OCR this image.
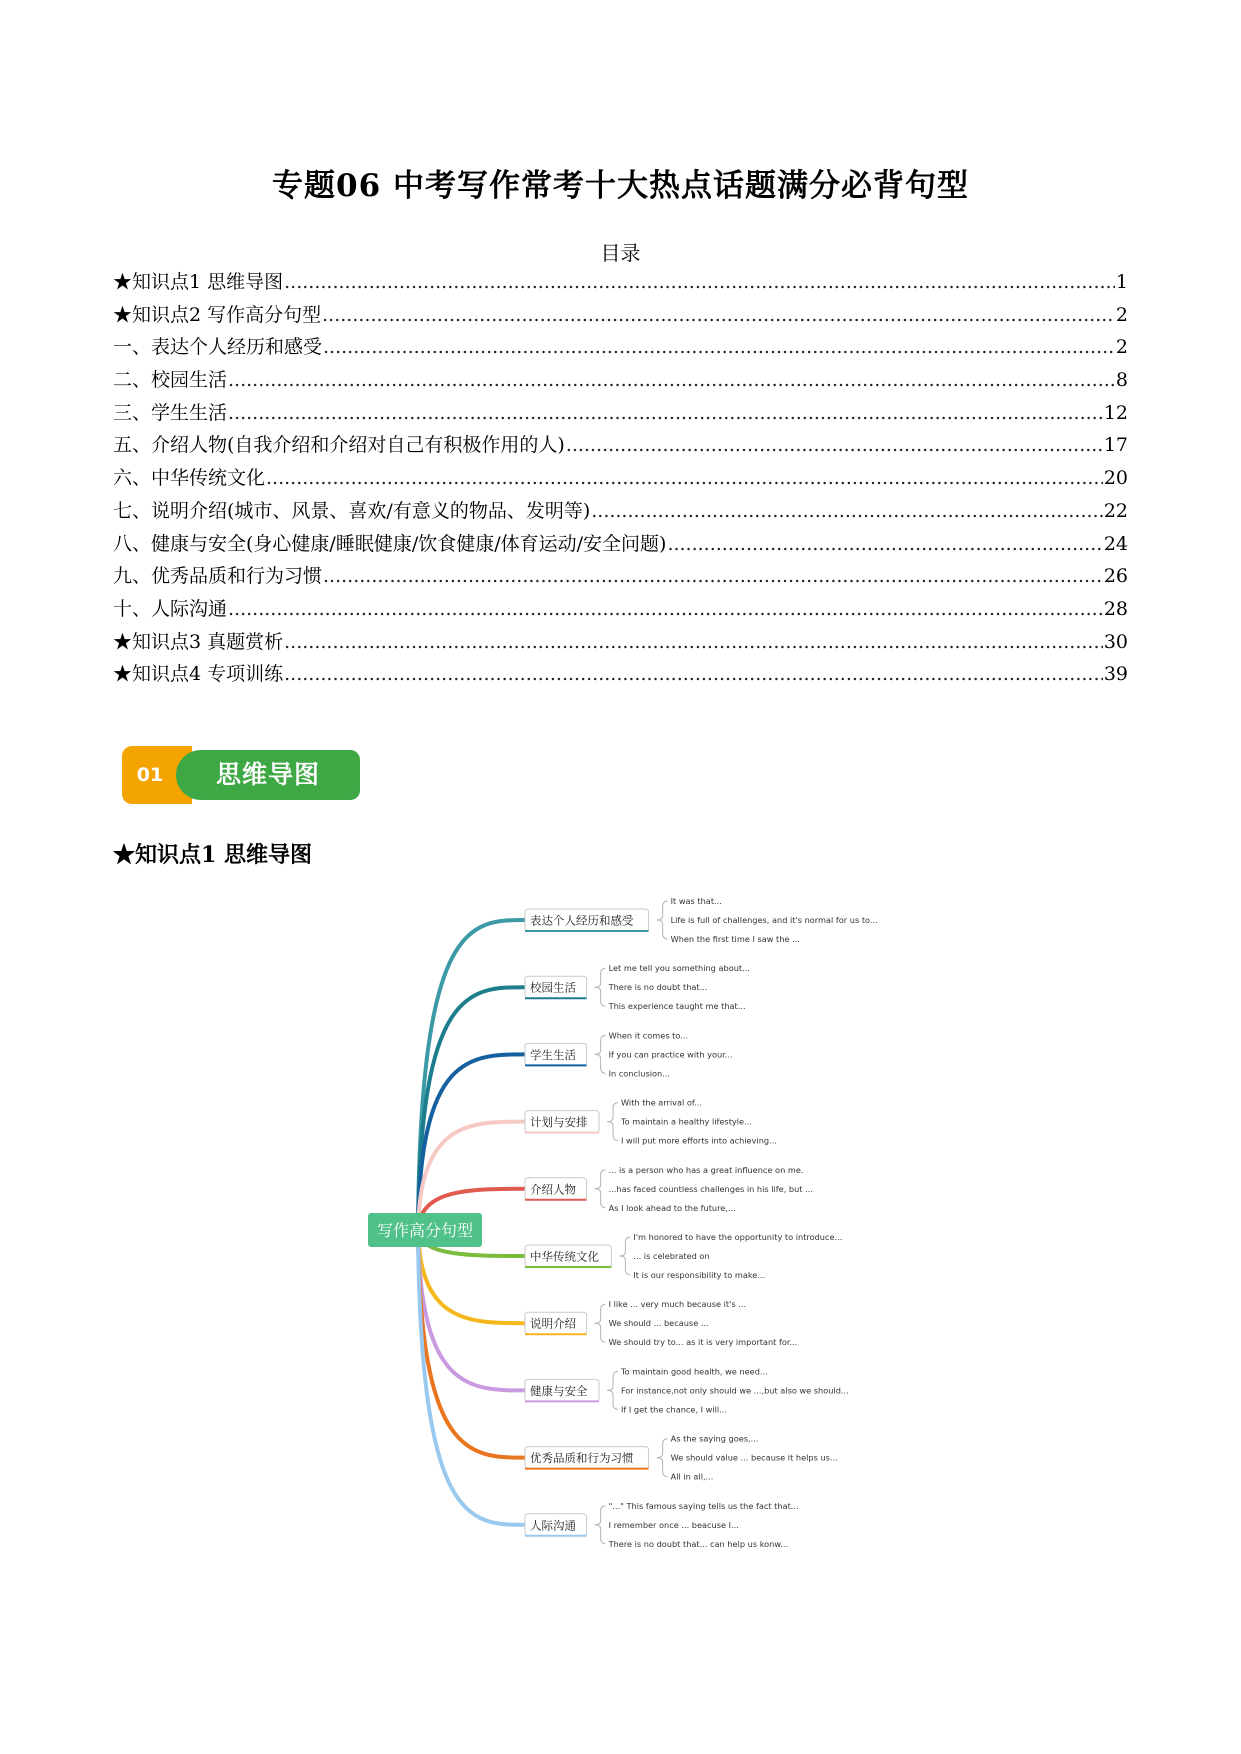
专题06 中考写作常考十大热点话题满分必背句型
目录
★知识点1 思维导图 .....	1
★知识点2 写作高分句型 .....	2
一、表达个人经历和感受 .....	2
二、校园生活 .....	8
三、学生生活 .....	12
五、介绍人物(自我介绍和介绍对自己有积极作用的人) .....	17
六、中华传统文化 .....	20
七、说明介绍(城市、风景、喜欢/有意义的物品、发明等) .....	22
八、健康与安全(身心健康/睡眠健康/饮食健康/体育运动/安全问题) .....	24
九、优秀品质和行为习惯 .....	26
十、人际沟通 .....	28
★知识点3 真题赏析 .....	30
★知识点4 专项训练 .....	39
01	思维导图
★知识点1 思维导图
表达个人经历和感受
It was that...
Life is full of challenges, and it's normal for us to...
When the first time I saw the ...
校园生活
Let me tell you something about...
There is no doubt that...
This experience taught me that...
学生生活
When it comes to...
If you can practice with your...
In conclusion...
计划与安排
With the arrival of...
To maintain a healthy lifestyle...
I will put more efforts into achieving...
介绍人物
... is a person who has a great influence on me.
...has faced countless challenges in his life, but ...
As I look ahead to the future,...
中华传统文化
I'm honored to have the opportunity to introduce...
... is celebrated on
It is our responsibility to make...
说明介绍
I like ... very much because it's ...
We should ... because ...
We should try to... as it is very important for...
健康与安全
To maintain good health, we need...
For instance,not only should we ...,but also we should...
If I get the chance, I will...
优秀品质和行为习惯
As the saying goes,...
We should value ... because it helps us...
All in all,...
人际沟通
"..." This famous saying tells us the fact that...
I remember once ... beacuse I...
There is no doubt that... can help us konw...
写作高分句型
